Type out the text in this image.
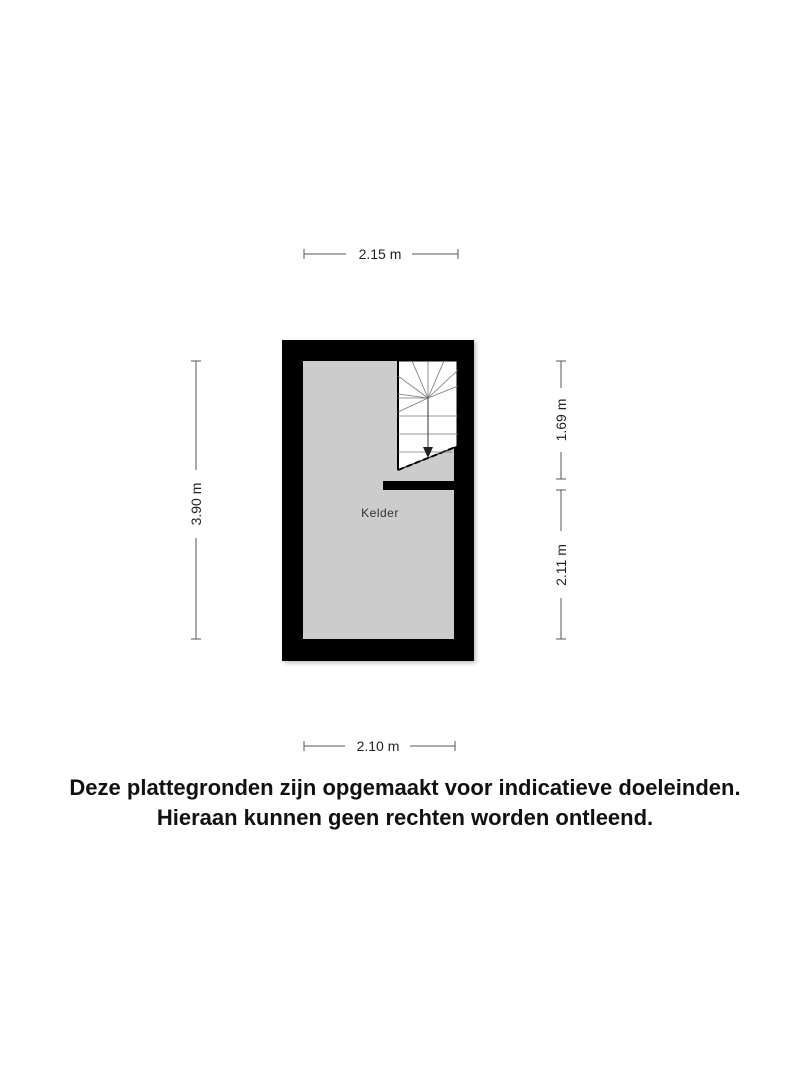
2.15 m
3.90 m
1.69 m
2.11 m
Kelder
2.10 m

Deze plattegronden zijn opgemaakt voor indicatieve doeleinden.

Hieraan kunnen geen rechten worden ontleend.
